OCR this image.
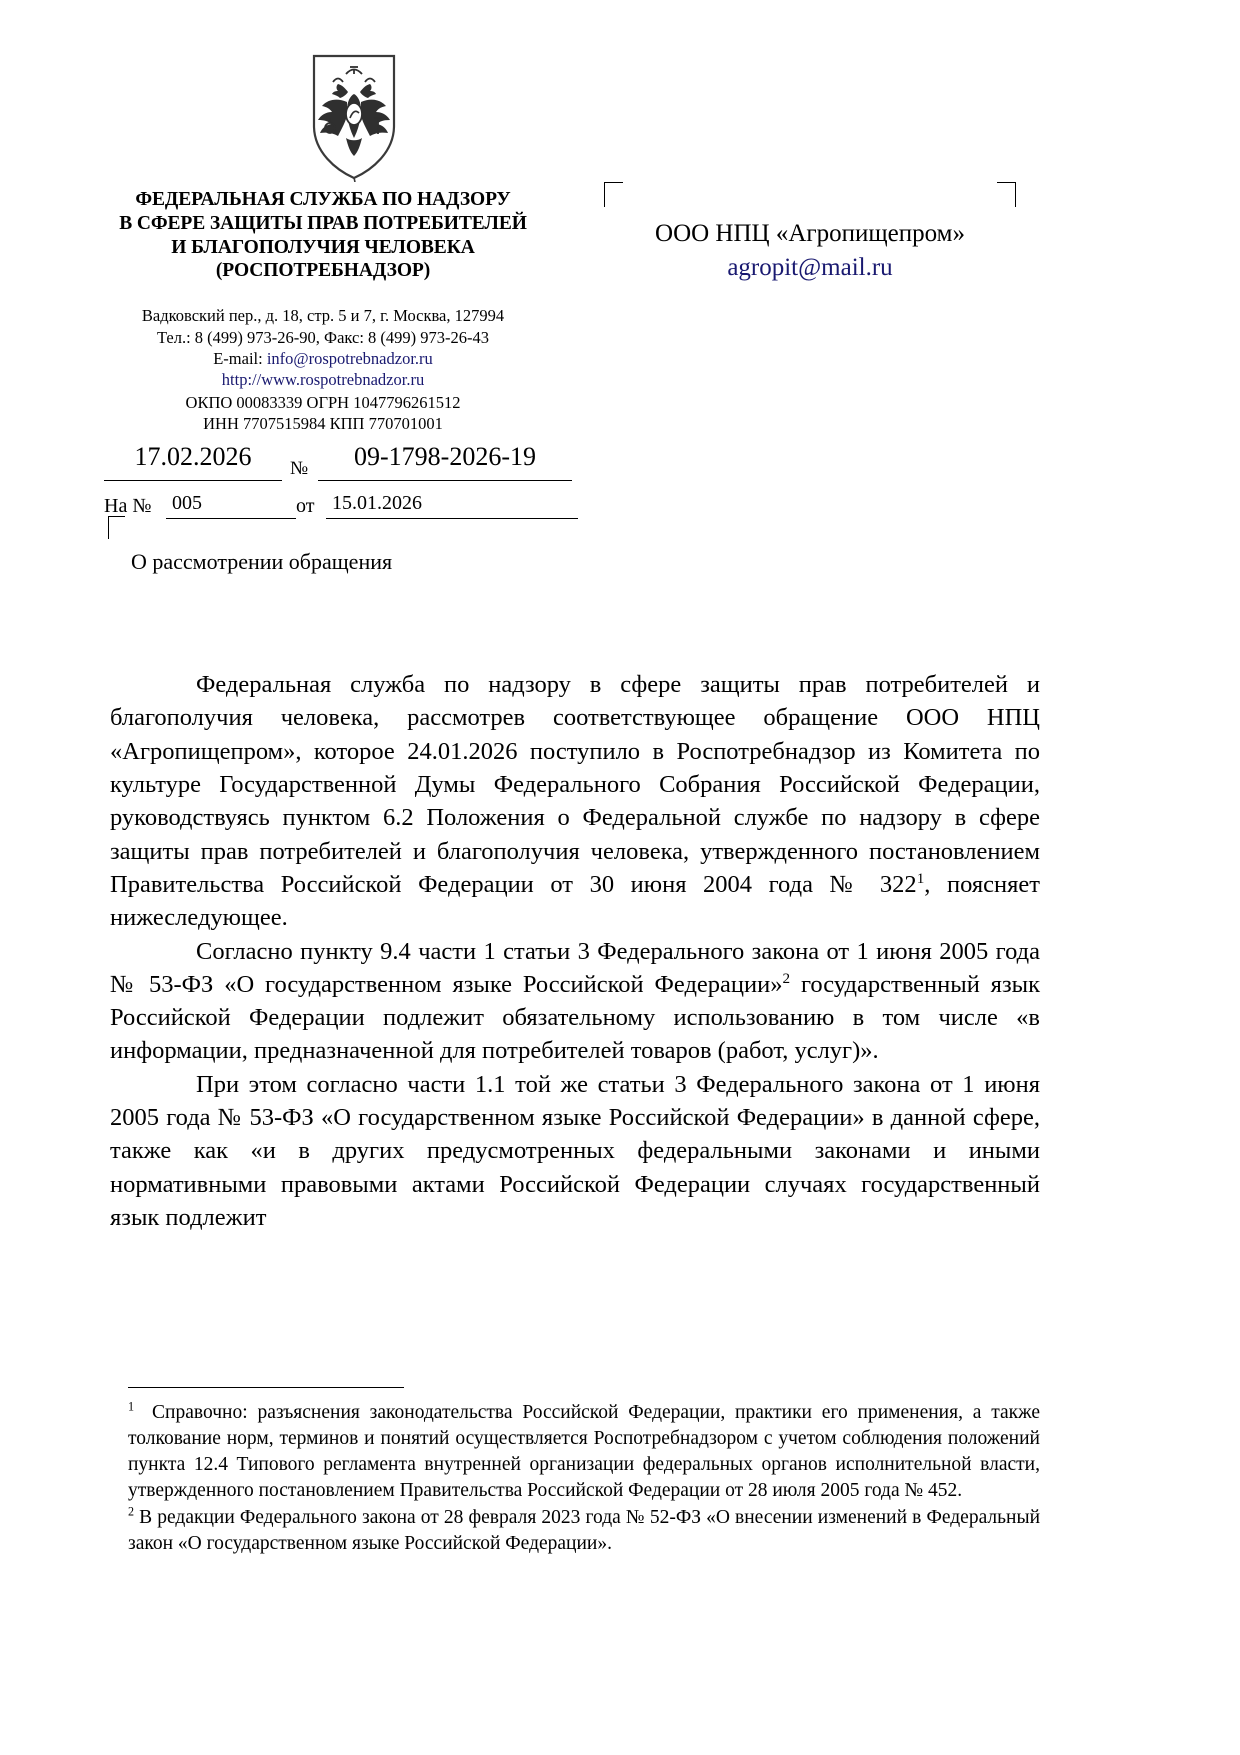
ФЕДЕРАЛЬНАЯ СЛУЖБА ПО НАДЗОРУ
В СФЕРЕ ЗАЩИТЫ ПРАВ ПОТРЕБИТЕЛЕЙ
И БЛАГОПОЛУЧИЯ ЧЕЛОВЕКА
(РОСПОТРЕБНАДЗОР)
Вадковский пер., д. 18, стр. 5 и 7, г. Москва, 127994
Тел.: 8 (499) 973-26-90, Факс: 8 (499) 973-26-43
E-mail: info@rospotrebnadzor.ru
http://www.rospotrebnadzor.ru
ОКПО 00083339 ОГРН 1047796261512
ИНН 7707515984 КПП 770701001
ООО НПЦ «Агропищепром»
agropit@mail.ru
17.02.2026	№	09-1798-2026-19
На №	005	от 15.01.2026
О рассмотрении обращения

Федеральная служба по надзору в сфере защиты прав потребителей и благополучия человека, рассмотрев соответствующее обращение ООО НПЦ «Агропищепром», которое 24.01.2026 поступило в Роспотребнадзор из Комитета по культуре Государственной Думы Федерального Собрания Российской Федерации, руководствуясь пунктом 6.2 Положения о Федеральной службе по надзору в сфере защиты прав потребителей и благополучия человека, утвержденного постановлением Правительства Российской Федерации от 30 июня 2004 года № $322^1$, поясняет нижеследующее.

Согласно пункту 9.4 части 1 статьи 3 Федерального закона от 1 июня 2005 года № 53-ФЗ «О государственном языке Российской Федерации»$^2$ государственный язык Российской Федерации подлежит обязательному использованию в том числе «в информации, предназначенной для потребителей товаров (работ, услуг)».

При этом согласно части 1.1 той же статьи 3 Федерального закона от 1 июня 2005 года № 53-ФЗ «О государственном языке Российской Федерации» в данной сфере, также как «и в других предусмотренных федеральными законами и иными нормативными правовыми актами Российской Федерации случаях государственный язык подлежит

$^1$ Справочно: разъяснения законодательства Российской Федерации, практики его применения, а также толкование норм, терминов и понятий осуществляется Роспотребнадзором с учетом соблюдения положений пункта 12.4 Типового регламента внутренней организации федеральных органов исполнительной власти, утвержденного постановлением Правительства Российской Федерации от 28 июля 2005 года № 452.

$^2$ В редакции Федерального закона от 28 февраля 2023 года № 52-ФЗ «О внесении изменений в Федеральный закон «О государственном языке Российской Федерации».
